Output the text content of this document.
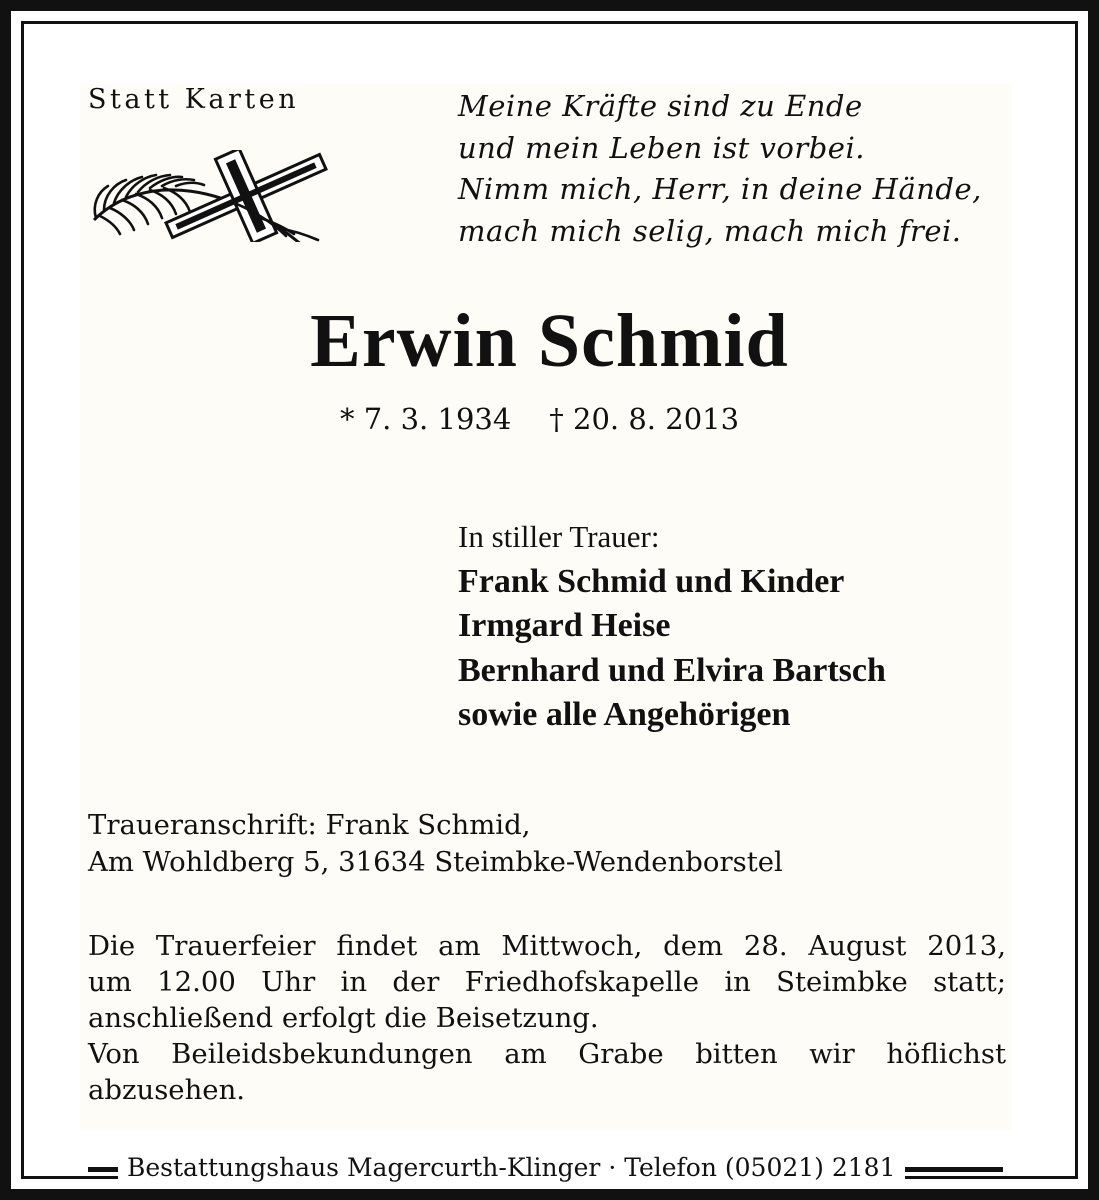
Statt Karten	Meine Kräfte sind zu Ende
und mein Leben ist vorbei.
Nimm mich, Herr, in deine Hände,
mach mich selig, mach mich frei.

Erwin Schmid

* 7. 3. 1934 † 20. 8. 2013

In stiller Trauer:
Frank Schmid und Kinder
Irmgard Heise
Bernhard und Elvira Bartsch
sowie alle Angehörigen
Traueranschrift: Frank Schmid,
Am Wohldberg 5, 31634 Steimbke-Wendenborstel
Die Trauerfeier findet am Mittwoch, dem 28. August 2013,
um 12.00 Uhr in der Friedhofskapelle in Steimbke statt;
anschließend erfolgt die Beisetzung.
Von Beileidsbekundungen am Grabe bitten wir höflichst
abzusehen.
Bestattungshaus Magercurth-Klinger · Telefon (05021) 2181
